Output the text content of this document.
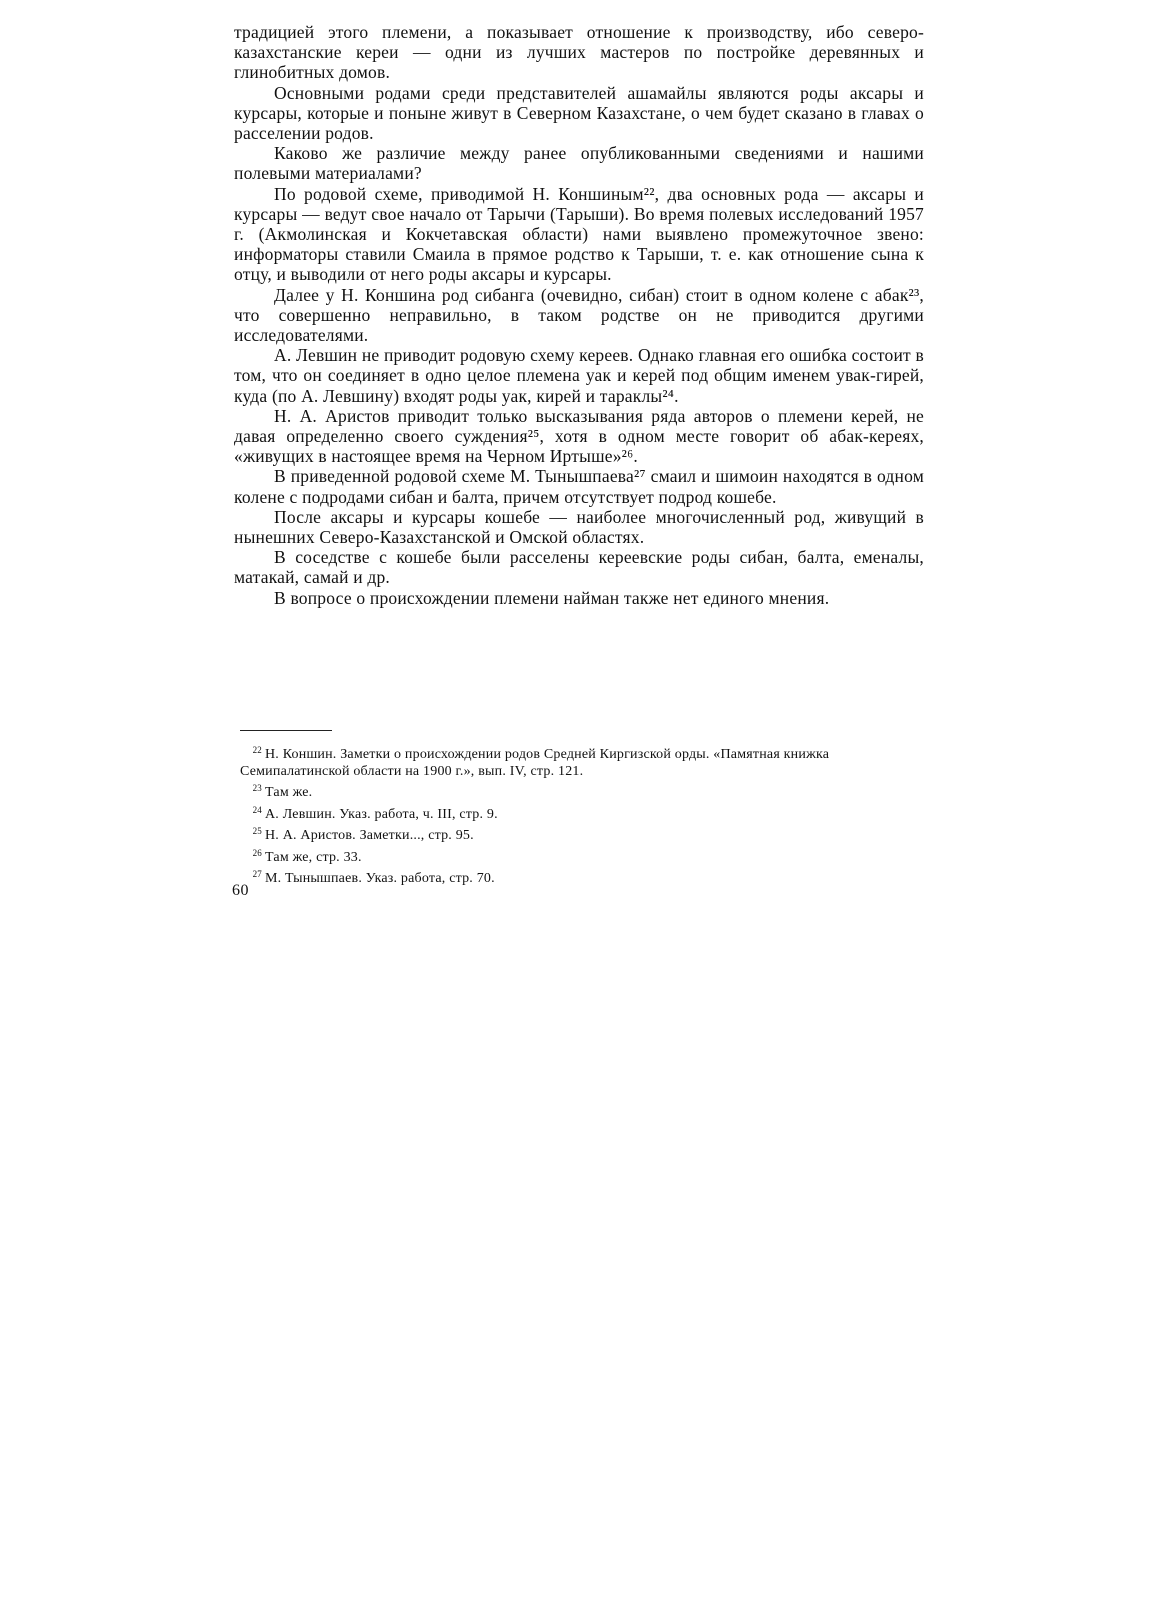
традицией этого племени, а показывает отношение к производству, ибо северо-казахстанские кереи — одни из лучших мастеров по постройке деревянных и глинобитных домов.

Основными родами среди представителей ашамайлы являются роды аксары и курсары, которые и поныне живут в Северном Казахстане, о чем будет сказано в главах о расселении родов.

Каково же различие между ранее опубликованными сведениями и нашими полевыми материалами?

По родовой схеме, приводимой Н. Коншиным²², два основных рода — аксары и курсары — ведут свое начало от Тарычи (Тарыши). Во время полевых исследований 1957 г. (Акмолинская и Кокчетавская области) нами выявлено промежуточное звено: информаторы ставили Смаила в прямое родство к Тарыши, т. е. как отношение сына к отцу, и выводили от него роды аксары и курсары.

Далее у Н. Коншина род сибанга (очевидно, сибан) стоит в одном колене с абак²³, что совершенно неправильно, в таком родстве он не приводится другими исследователями.

А. Левшин не приводит родовую схему кереев. Однако главная его ошибка состоит в том, что он соединяет в одно целое племена уак и керей под общим именем увак-гирей, куда (по А. Левшину) входят роды уак, кирей и тараклы²⁴.

Н. А. Аристов приводит только высказывания ряда авторов о племени керей, не давая определенно своего суждения²⁵, хотя в одном месте говорит об абак-кереях, «живущих в настоящее время на Черном Иртыше»²⁶.

В приведенной родовой схеме М. Тынышпаева²⁷ смаил и шимоин находятся в одном колене с подродами сибан и балта, причем отсутствует подрод кошебе.

После аксары и курсары кошебе — наиболее многочисленный род, живущий в нынешних Северо-Казахстанской и Омской областях.

В соседстве с кошебе были расселены кереевские роды сибан, балта, еменалы, матакай, самай и др.

В вопросе о происхождении племени найман также нет единого мнения.

22 Н. Коншин. Заметки о происхождении родов Средней Киргизской орды. «Памятная книжка Семипалатинской области на 1900 г.», вып. IV, стр. 121.

23 Там же.

24 А. Левшин. Указ. работа, ч. III, стр. 9.

25 Н. А. Аристов. Заметки..., стр. 95.

26 Там же, стр. 33.

27 М. Тынышпаев. Указ. работа, стр. 70.

60
